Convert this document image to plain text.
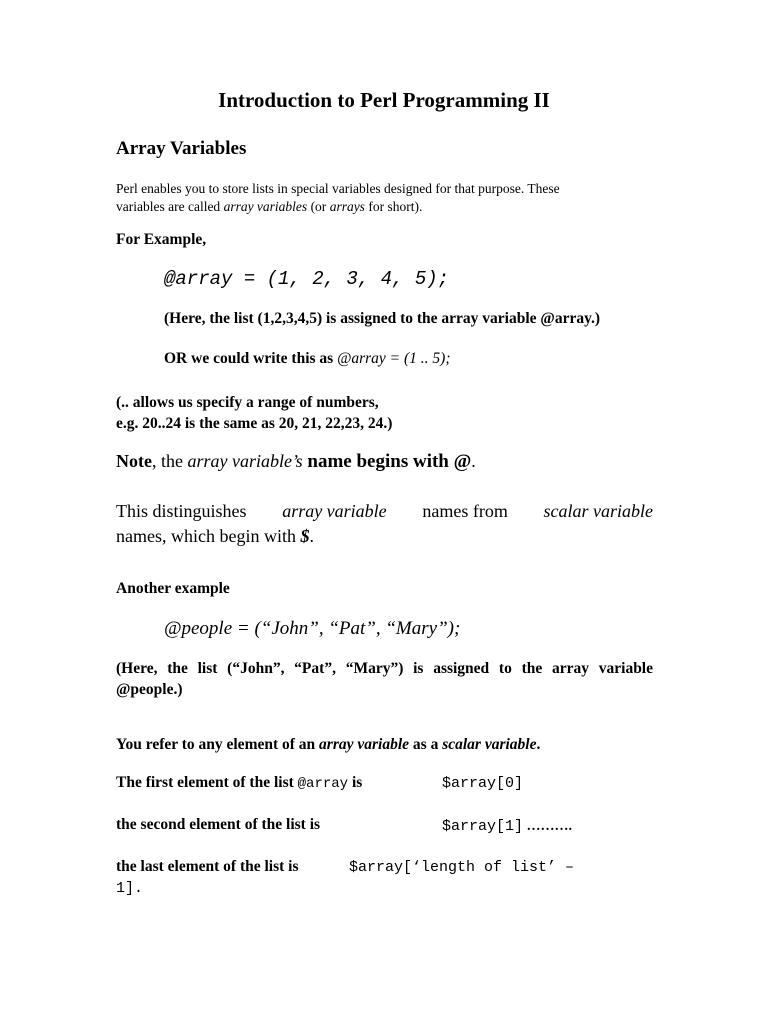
Introduction to Perl Programming II
Array Variables
Perl enables you to store lists in special variables designed for that purpose. These
variables are called array variables (or arrays for short).
For Example,
@array = (1, 2, 3, 4, 5);
(Here, the list (1,2,3,4,5) is assigned to the array variable @array.)
OR we could write this as @array = (1 .. 5);
(.. allows us specify a range of numbers,
e.g. 20..24 is the same as 20, 21, 22,23, 24.)
Note, the array variable’s name begins with @.
This distinguishes array variable names from scalar variable
names, which begin with $.
Another example
@people = (“John”, “Pat”, “Mary”);
(Here, the list (“John”, “Pat”, “Mary”) is assigned to the array variable
@people.)
You refer to any element of an array variable as a scalar variable.
The first element of the list @array is	$array[0]
the second element of the list is	$array[1] ……….
the last element of the list is	$array[‘length of list’ –
1].
